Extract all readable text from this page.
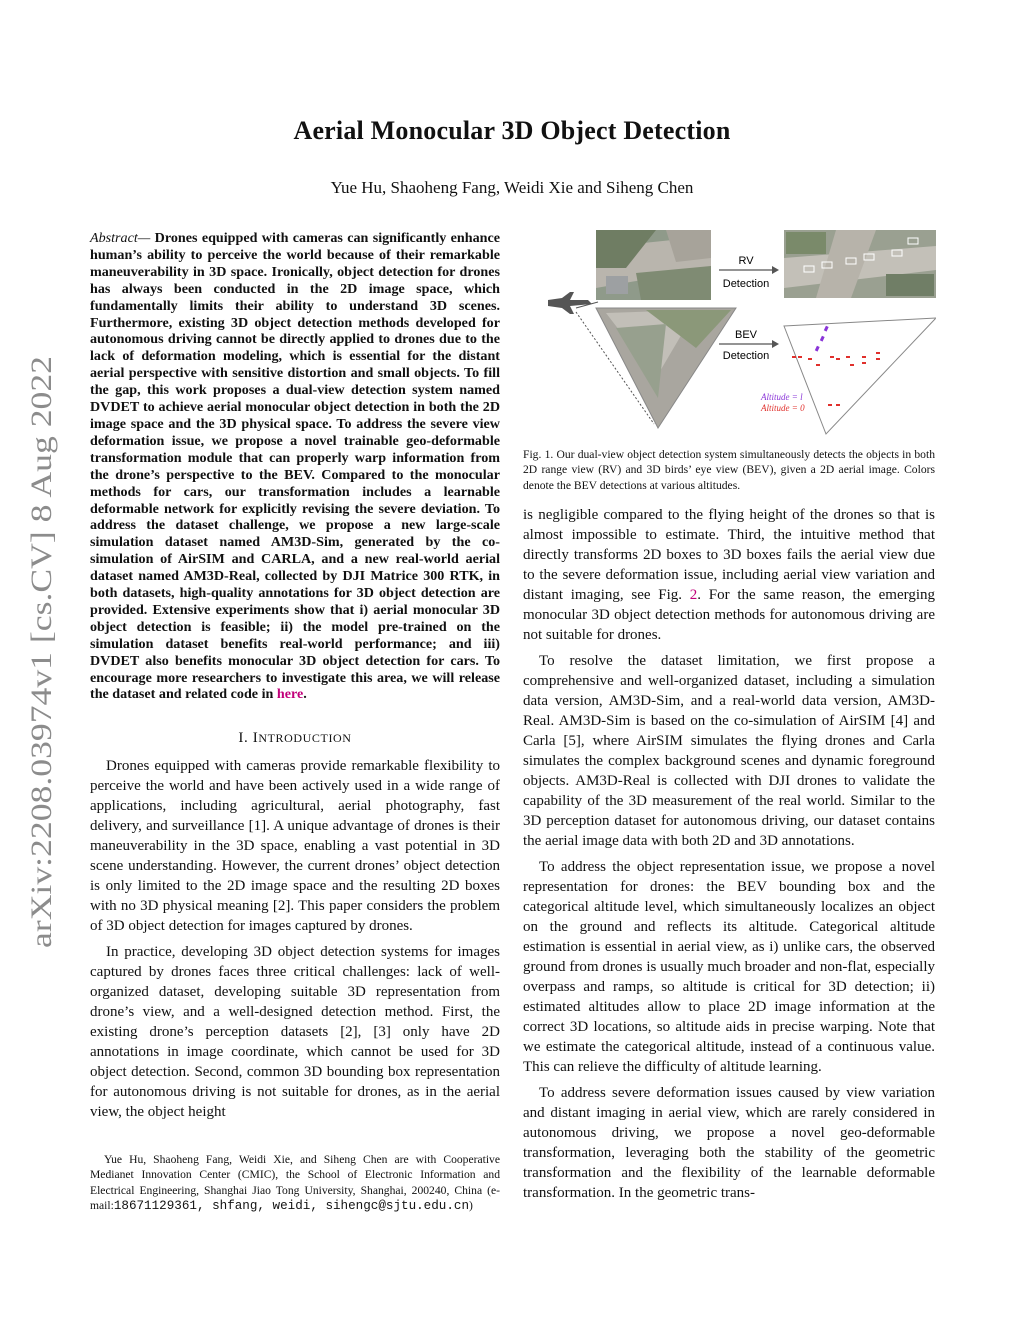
arXiv:2208.03974v1 [cs.CV] 8 Aug 2022
Aerial Monocular 3D Object Detection
Yue Hu, Shaoheng Fang, Weidi Xie and Siheng Chen
Abstract— Drones equipped with cameras can significantly enhance human’s ability to perceive the world because of their remarkable maneuverability in 3D space. Ironically, object detection for drones has always been conducted in the 2D image space, which fundamentally limits their ability to understand 3D scenes. Furthermore, existing 3D object detection methods developed for autonomous driving cannot be directly applied to drones due to the lack of deformation modeling, which is essential for the distant aerial perspective with sensitive distortion and small objects. To fill the gap, this work proposes a dual-view detection system named DVDET to achieve aerial monocular object detection in both the 2D image space and the 3D physical space. To address the severe view deformation issue, we propose a novel trainable geo-deformable transformation module that can properly warp information from the drone’s perspective to the BEV. Compared to the monocular methods for cars, our transformation includes a learnable deformable network for explicitly revising the severe deviation. To address the dataset challenge, we propose a new large-scale simulation dataset named AM3D-Sim, generated by the co-simulation of AirSIM and CARLA, and a new real-world aerial dataset named AM3D-Real, collected by DJI Matrice 300 RTK, in both datasets, high-quality annotations for 3D object detection are provided. Extensive experiments show that i) aerial monocular 3D object detection is feasible; ii) the model pre-trained on the simulation dataset benefits real-world performance; and iii) DVDET also benefits monocular 3D object detection for cars. To encourage more researchers to investigate this area, we will release the dataset and related code in here.
I. INTRODUCTION

Drones equipped with cameras provide remarkable flexibility to perceive the world and have been actively used in a wide range of applications, including agricultural, aerial photography, fast delivery, and surveillance [1]. A unique advantage of drones is their maneuverability in the 3D space, enabling a vast potential in 3D scene understanding. However, the current drones’ object detection is only limited to the 2D image space and the resulting 2D boxes with no 3D physical meaning [2]. This paper considers the problem of 3D object detection for images captured by drones.

In practice, developing 3D object detection systems for images captured by drones faces three critical challenges: lack of well-organized dataset, developing suitable 3D representation from drone’s view, and a well-designed detection method. First, the existing drone’s perception datasets [2], [3] only have 2D annotations in image coordinate, which cannot be used for 3D object detection. Second, common 3D bounding box representation for autonomous driving is not suitable for drones, as in the aerial view, the object height

Yue Hu, Shaoheng Fang, Weidi Xie, and Siheng Chen are with Cooperative Medianet Innovation Center (CMIC), the School of Electronic Information and Electrical Engineering, Shanghai Jiao Tong University, Shanghai, 200240, China (e-mail:18671129361, shfang, weidi, sihengc@sjtu.edu.cn)
RV
Detection
BEV
Detection
Altitude = l
Altitude = 0
Fig. 1. Our dual-view object detection system simultaneously detects the objects in both 2D range view (RV) and 3D birds’ eye view (BEV), given a 2D aerial image. Colors denote the BEV detections at various altitudes.

is negligible compared to the flying height of the drones so that is almost impossible to estimate. Third, the intuitive method that directly transforms 2D boxes to 3D boxes fails the aerial view due to the severe deformation issue, including aerial view variation and distant imaging, see Fig. 2. For the same reason, the emerging monocular 3D object detection methods for autonomous driving are not suitable for drones.

To resolve the dataset limitation, we first propose a comprehensive and well-organized dataset, including a simulation data version, AM3D-Sim, and a real-world data version, AM3D-Real. AM3D-Sim is based on the co-simulation of AirSIM [4] and Carla [5], where AirSIM simulates the flying drones and Carla simulates the complex background scenes and dynamic foreground objects. AM3D-Real is collected with DJI drones to validate the capability of the 3D measurement of the real world. Similar to the 3D perception dataset for autonomous driving, our dataset contains the aerial image data with both 2D and 3D annotations.

To address the object representation issue, we propose a novel representation for drones: the BEV bounding box and the categorical altitude level, which simultaneously localizes an object on the ground and reflects its altitude. Categorical altitude estimation is essential in aerial view, as i) unlike cars, the observed ground from drones is usually much broader and non-flat, especially overpass and ramps, so altitude is critical for 3D detection; ii) estimated altitudes allow to place 2D image information at the correct 3D locations, so altitude aids in precise warping. Note that we estimate the categorical altitude, instead of a continuous value. This can relieve the difficulty of altitude learning.

To address severe deformation issues caused by view variation and distant imaging in aerial view, which are rarely considered in autonomous driving, we propose a novel geo-deformable transformation, leveraging both the stability of the geometric transformation and the flexibility of the learnable deformable transformation. In the geometric trans-
